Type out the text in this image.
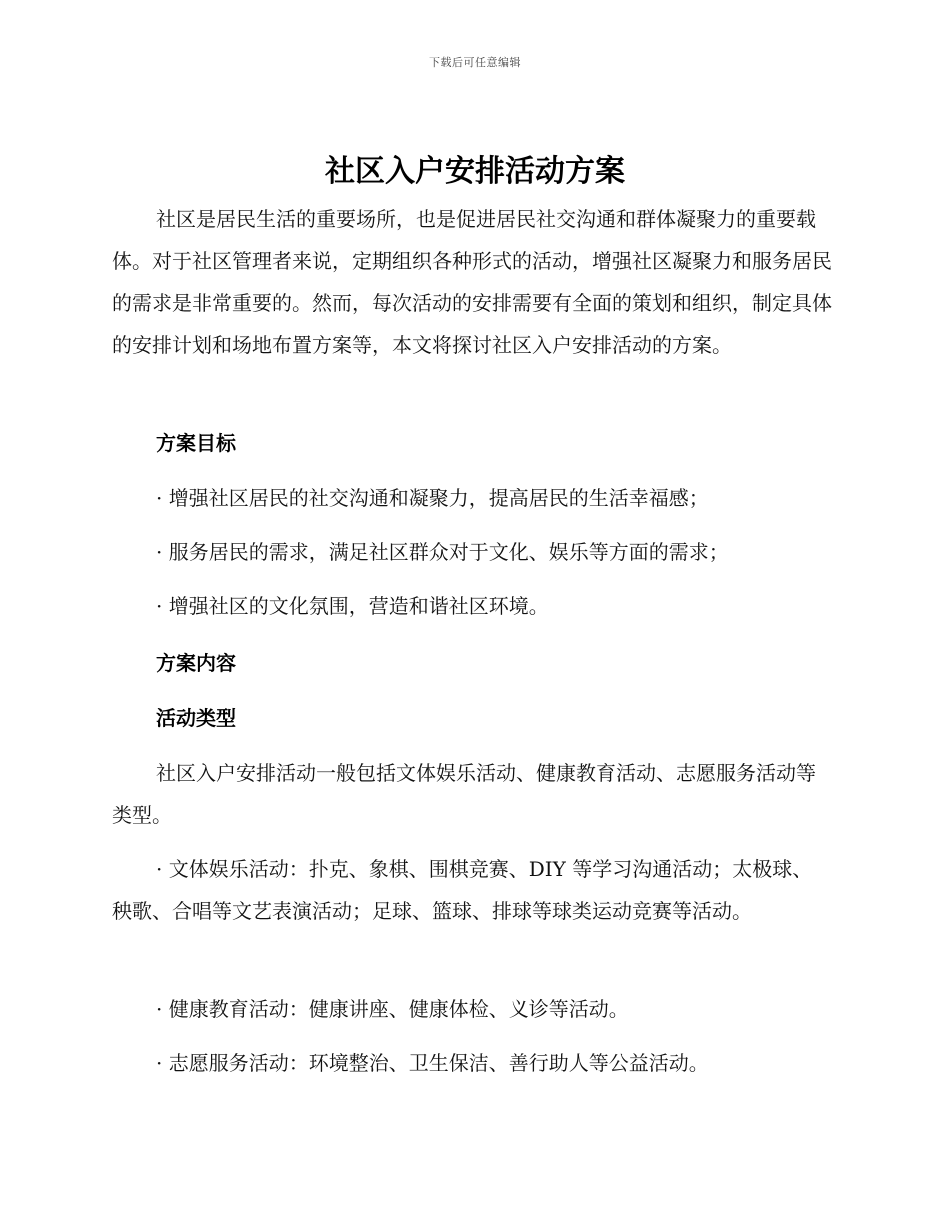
下载后可任意编辑
社区入户安排活动方案

社区是居民生活的重要场所，也是促进居民社交沟通和群体凝聚力的重要载体。对于社区管理者来说，定期组织各种形式的活动，增强社区凝聚力和服务居民的需求是非常重要的。然而，每次活动的安排需要有全面的策划和组织，制定具体的安排计划和场地布置方案等，本文将探讨社区入户安排活动的方案。

方案目标

· 增强社区居民的社交沟通和凝聚力，提高居民的生活幸福感；

· 服务居民的需求，满足社区群众对于文化、娱乐等方面的需求；

· 增强社区的文化氛围，营造和谐社区环境。

方案内容
活动类型

社区入户安排活动一般包括文体娱乐活动、健康教育活动、志愿服务活动等类型。

· 文体娱乐活动：扑克、象棋、围棋竞赛、DIY 等学习沟通活动；太极球、秧歌、合唱等文艺表演活动；足球、篮球、排球等球类运动竞赛等活动。

· 健康教育活动：健康讲座、健康体检、义诊等活动。

· 志愿服务活动：环境整治、卫生保洁、善行助人等公益活动。
